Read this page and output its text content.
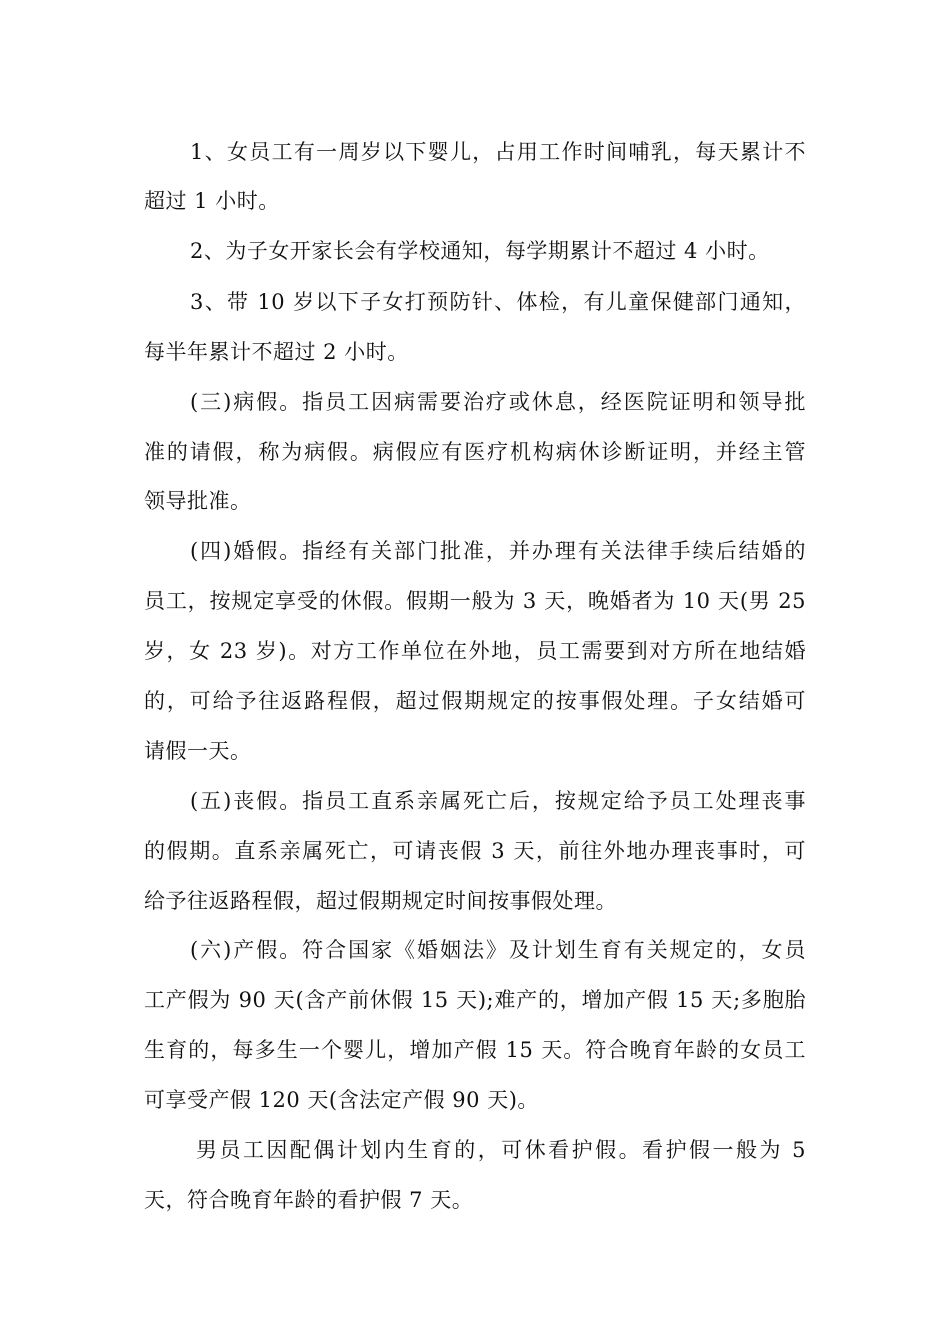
1、女员工有一周岁以下婴儿，占用工作时间哺乳，每天累计不
超过 1 小时。
2、为子女开家长会有学校通知，每学期累计不超过 4 小时。
3、带 10 岁以下子女打预防针、体检，有儿童保健部门通知，
每半年累计不超过 2 小时。
(三)病假。指员工因病需要治疗或休息，经医院证明和领导批
准的请假，称为病假。病假应有医疗机构病休诊断证明，并经主管
领导批准。
(四)婚假。指经有关部门批准，并办理有关法律手续后结婚的
员工，按规定享受的休假。假期一般为 3 天，晚婚者为 10 天(男 25
岁，女 23 岁)。对方工作单位在外地，员工需要到对方所在地结婚
的，可给予往返路程假，超过假期规定的按事假处理。子女结婚可
请假一天。
(五)丧假。指员工直系亲属死亡后，按规定给予员工处理丧事
的假期。直系亲属死亡，可请丧假 3 天，前往外地办理丧事时，可
给予往返路程假，超过假期规定时间按事假处理。
(六)产假。符合国家《婚姻法》及计划生育有关规定的，女员
工产假为 90 天(含产前休假 15 天);难产的，增加产假 15 天;多胞胎
生育的，每多生一个婴儿，增加产假 15 天。符合晚育年龄的女员工
可享受产假 120 天(含法定产假 90 天)。
男员工因配偶计划内生育的，可休看护假。看护假一般为 5
天，符合晚育年龄的看护假 7 天。
